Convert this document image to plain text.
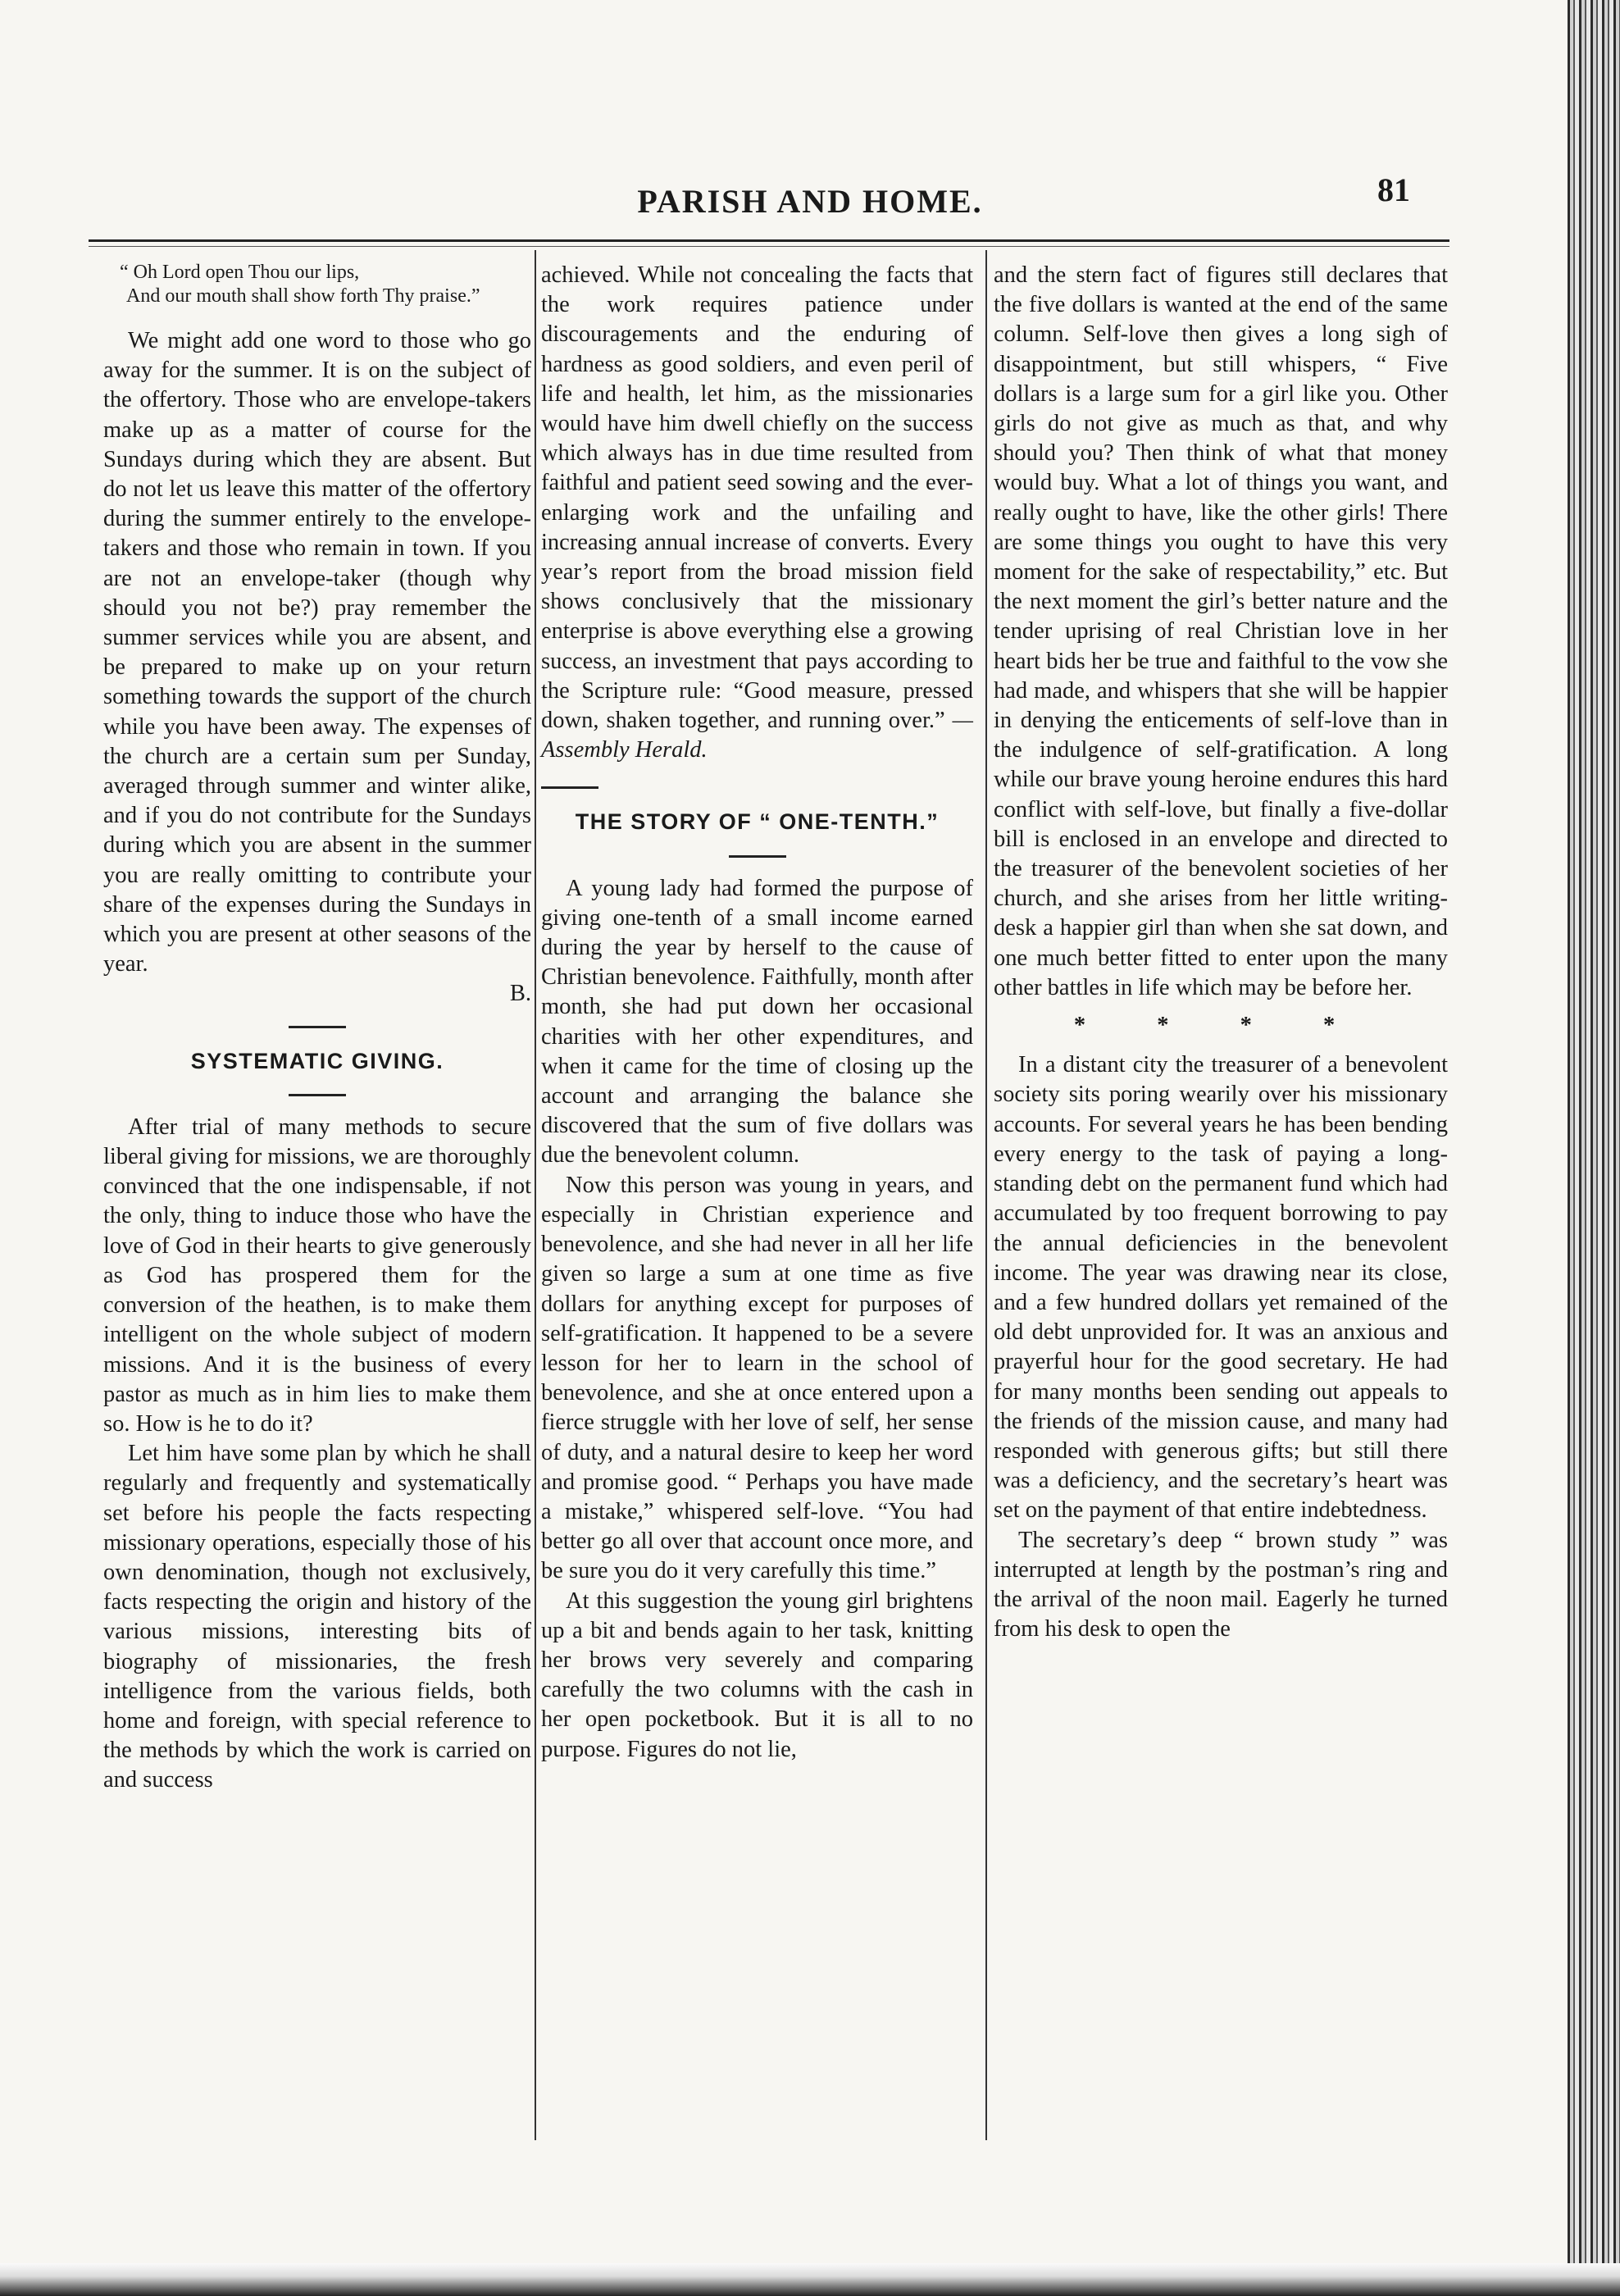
PARISH AND HOME.	81

“ Oh Lord open Thou our lips,
And our mouth shall show forth Thy praise.”

We might add one word to those who go away for the summer. It is on the subject of the offertory. Those who are envelope-takers make up as a matter of course for the Sundays during which they are absent. But do not let us leave this matter of the offertory during the summer entirely to the envelope-takers and those who remain in town. If you are not an envelope-taker (though why should you not be?) pray remember the summer services while you are absent, and be prepared to make up on your return something towards the support of the church while you have been away. The expenses of the church are a certain sum per Sunday, averaged through summer and winter alike, and if you do not contribute for the Sundays during which you are absent in the summer you are really omitting to contribute your share of the expenses during the Sundays in which you are present at other seasons of the year.

B.

SYSTEMATIC GIVING.

After trial of many methods to secure liberal giving for missions, we are thoroughly convinced that the one indispensable, if not the only, thing to induce those who have the love of God in their hearts to give generously as God has prospered them for the conversion of the heathen, is to make them intelligent on the whole subject of modern missions. And it is the business of every pastor as much as in him lies to make them so. How is he to do it?

Let him have some plan by which he shall regularly and frequently and systematically set before his people the facts respecting missionary operations, especially those of his own denomination, though not exclusively, facts respecting the origin and history of the various missions, interesting bits of biography of missionaries, the fresh intelligence from the various fields, both home and foreign, with special reference to the methods by which the work is carried on and success

achieved. While not concealing the facts that the work requires patience under discouragements and the enduring of hardness as good soldiers, and even peril of life and health, let him, as the missionaries would have him dwell chiefly on the success which always has in due time resulted from faithful and patient seed sowing and the ever-enlarging work and the unfailing and increasing annual increase of converts. Every year’s report from the broad mission field shows conclusively that the missionary enterprise is above everything else a growing success, an investment that pays according to the Scripture rule: “Good measure, pressed down, shaken together, and running over.” —Assembly Herald.

THE STORY OF “ ONE-TENTH.”

A young lady had formed the purpose of giving one-tenth of a small income earned during the year by herself to the cause of Christian benevolence. Faithfully, month after month, she had put down her occasional charities with her other expenditures, and when it came for the time of closing up the account and arranging the balance she discovered that the sum of five dollars was due the benevolent column.

Now this person was young in years, and especially in Christian experience and benevolence, and she had never in all her life given so large a sum at one time as five dollars for anything except for purposes of self-gratification. It happened to be a severe lesson for her to learn in the school of benevolence, and she at once entered upon a fierce struggle with her love of self, her sense of duty, and a natural desire to keep her word and promise good. “ Perhaps you have made a mistake,” whispered self-love. “You had better go all over that account once more, and be sure you do it very carefully this time.”

At this suggestion the young girl brightens up a bit and bends again to her task, knitting her brows very severely and comparing carefully the two columns with the cash in her open pocketbook. But it is all to no purpose. Figures do not lie,

and the stern fact of figures still declares that the five dollars is wanted at the end of the same column. Self-love then gives a long sigh of disappointment, but still whispers, “ Five dollars is a large sum for a girl like you. Other girls do not give as much as that, and why should you? Then think of what that money would buy. What a lot of things you want, and really ought to have, like the other girls! There are some things you ought to have this very moment for the sake of respectability,” etc. But the next moment the girl’s better nature and the tender uprising of real Christian love in her heart bids her be true and faithful to the vow she had made, and whispers that she will be happier in denying the enticements of self-love than in the indulgence of self-gratification. A long while our brave young heroine endures this hard conflict with self-love, but finally a five-dollar bill is enclosed in an envelope and directed to the treasurer of the benevolent societies of her church, and she arises from her little writing-desk a happier girl than when she sat down, and one much better fitted to enter upon the many other battles in life which may be before her.

* * * *

In a distant city the treasurer of a benevolent society sits poring wearily over his missionary accounts. For several years he has been bending every energy to the task of paying a long-standing debt on the permanent fund which had accumulated by too frequent borrowing to pay the annual deficiencies in the benevolent income. The year was drawing near its close, and a few hundred dollars yet remained of the old debt unprovided for. It was an anxious and prayerful hour for the good secretary. He had for many months been sending out appeals to the friends of the mission cause, and many had responded with generous gifts; but still there was a deficiency, and the secretary’s heart was set on the payment of that entire indebtedness.

The secretary’s deep “ brown study ” was interrupted at length by the postman’s ring and the arrival of the noon mail. Eagerly he turned from his desk to open the
